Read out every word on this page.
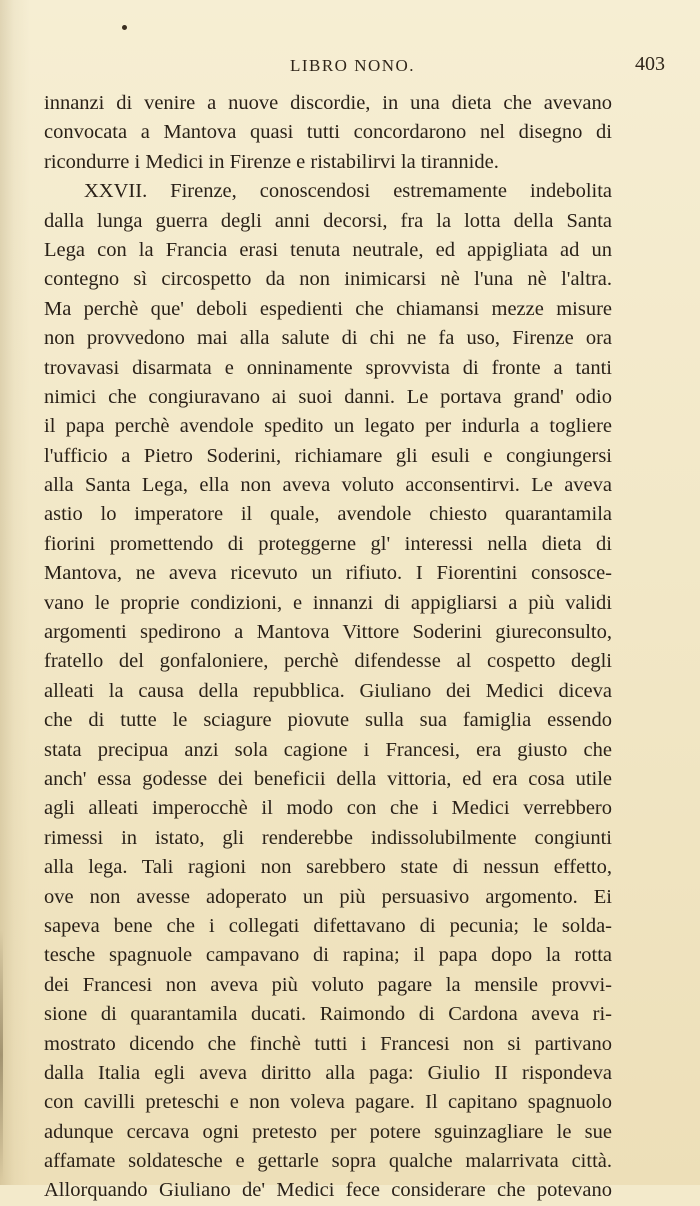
LIBRO NONO.	403
innanzi di venire a nuove discordie, in una dieta che avevano
convocata a Mantova quasi tutti concordarono nel disegno di
ricondurre i Medici in Firenze e ristabilirvi la tirannide.
XXVII. Firenze, conoscendosi estremamente indebolita
dalla lunga guerra degli anni decorsi, fra la lotta della Santa
Lega con la Francia erasi tenuta neutrale, ed appigliata ad un
contegno sì circospetto da non inimicarsi nè l'una nè l'altra.
Ma perchè que' deboli espedienti che chiamansi mezze misure
non provvedono mai alla salute di chi ne fa uso, Firenze ora
trovavasi disarmata e onninamente sprovvista di fronte a tanti
nimici che congiuravano ai suoi danni. Le portava grand' odio
il papa perchè avendole spedito un legato per indurla a togliere
l'ufficio a Pietro Soderini, richiamare gli esuli e congiungersi
alla Santa Lega, ella non aveva voluto acconsentirvi. Le aveva
astio lo imperatore il quale, avendole chiesto quarantamila
fiorini promettendo di proteggerne gl' interessi nella dieta di
Mantova, ne aveva ricevuto un rifiuto. I Fiorentini consosce-
vano le proprie condizioni, e innanzi di appigliarsi a più validi
argomenti spedirono a Mantova Vittore Soderini giureconsulto,
fratello del gonfaloniere, perchè difendesse al cospetto degli
alleati la causa della repubblica. Giuliano dei Medici diceva
che di tutte le sciagure piovute sulla sua famiglia essendo
stata precipua anzi sola cagione i Francesi, era giusto che
anch' essa godesse dei beneficii della vittoria, ed era cosa utile
agli alleati imperocchè il modo con che i Medici verrebbero
rimessi in istato, gli renderebbe indissolubilmente congiunti
alla lega. Tali ragioni non sarebbero state di nessun effetto,
ove non avesse adoperato un più persuasivo argomento. Ei
sapeva bene che i collegati difettavano di pecunia; le solda-
tesche spagnuole campavano di rapina; il papa dopo la rotta
dei Francesi non aveva più voluto pagare la mensile provvi-
sione di quarantamila ducati. Raimondo di Cardona aveva ri-
mostrato dicendo che finchè tutti i Francesi non si partivano
dalla Italia egli aveva diritto alla paga: Giulio II rispondeva
con cavilli preteschi e non voleva pagare. Il capitano spagnuolo
adunque cercava ogni pretesto per potere sguinzagliare le sue
affamate soldatesche e gettarle sopra qualche malarrivata città.
Allorquando Giuliano de' Medici fece considerare che potevano
